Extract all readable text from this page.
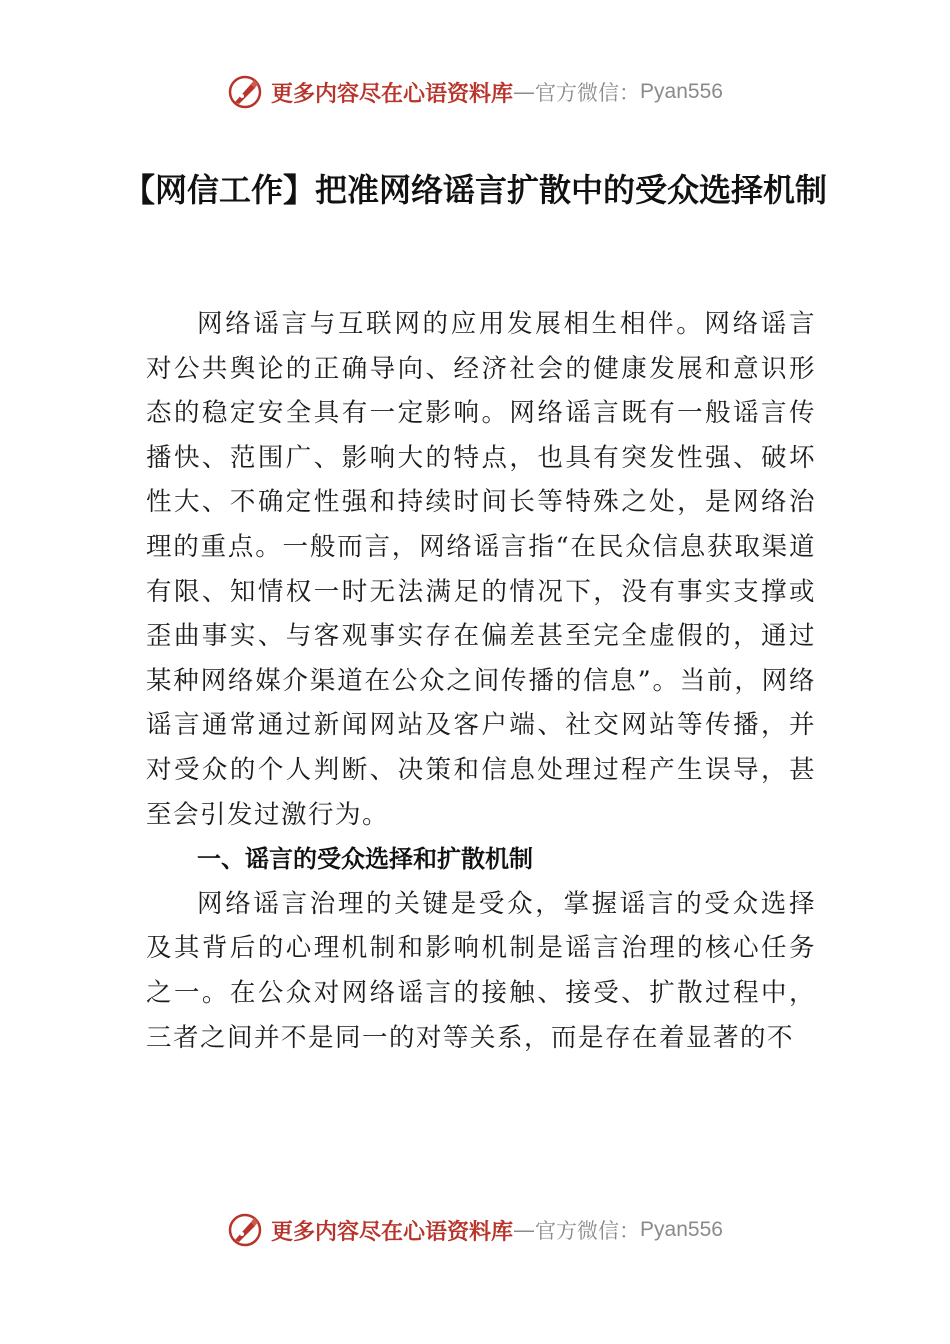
更多内容尽在心语资料库 — 官方微信： Pyan556
【网信工作】把准网络谣言扩散中的受众选择机制

网络谣言与互联网的应用发展相生相伴。网络谣言对公共舆论的正确导向、经济社会的健康发展和意识形态的稳定安全具有一定影响。网络谣言既有一般谣言传播快、范围广、影响大的特点，也具有突发性强、破坏性大、不确定性强和持续时间长等特殊之处，是网络治理的重点。一般而言，网络谣言指“在民众信息获取渠道有限、知情权一时无法满足的情况下，没有事实支撑或歪曲事实、与客观事实存在偏差甚至完全虚假的，通过某种网络媒介渠道在公众之间传播的信息”。当前，网络谣言通常通过新闻网站及客户端、社交网站等传播，并对受众的个人判断、决策和信息处理过程产生误导，甚至会引发过激行为。

一、谣言的受众选择和扩散机制

网络谣言治理的关键是受众，掌握谣言的受众选择及其背后的心理机制和影响机制是谣言治理的核心任务之一。在公众对网络谣言的接触、接受、扩散过程中，三者之间并不是同一的对等关系，而是存在着显著的不

更多内容尽在心语资料库 — 官方微信： Pyan556
